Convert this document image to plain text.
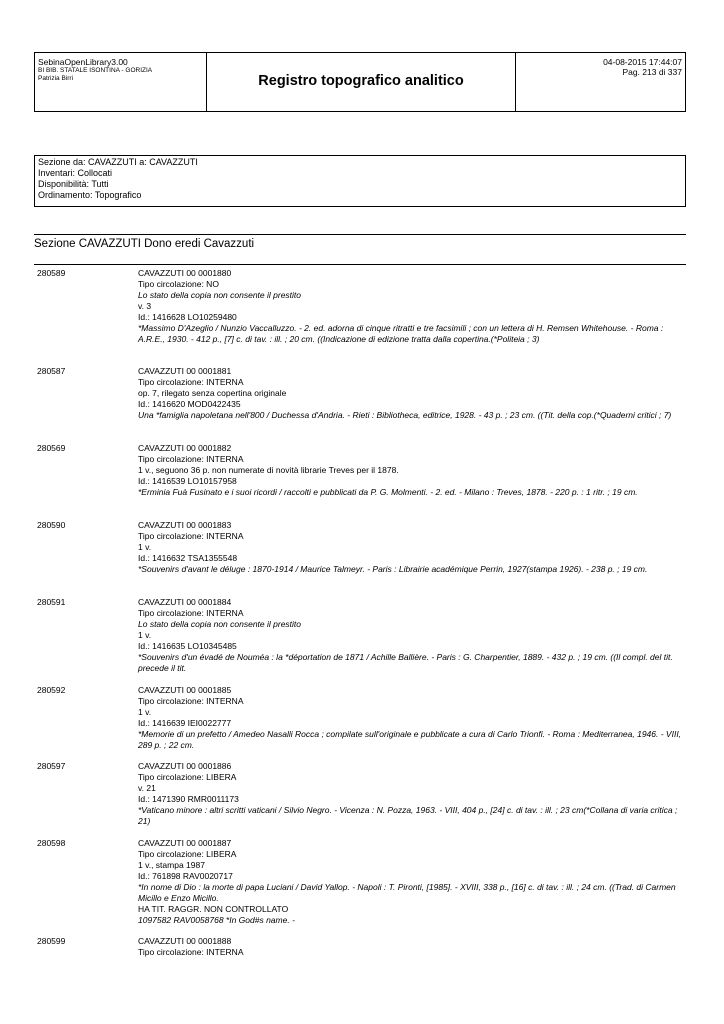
SebinaOpenLibrary3.00
BI BIB. STATALE ISONTINA - GORIZIA
Patrizia Birri	Registro topografico analitico
04-08-2015 17:44:07
Pag. 213 di 337
Sezione da: CAVAZZUTI a: CAVAZZUTI
Inventari: Collocati
Disponibilità: Tutti
Ordinamento: Topografico
Sezione CAVAZZUTI Dono eredi Cavazzuti
280589	CAVAZZUTI 00 0001880
Tipo circolazione: NO
Lo stato della copia non consente il prestito
v. 3
Id.: 1416628 LO10259480
*Massimo D'Azeglio / Nunzio Vaccalluzzo. - 2. ed. adorna di cinque ritratti e tre facsimili ; con un lettera di H. Remsen Whitehouse. - Roma : A.R.E., 1930. - 412 p., [7] c. di tav. : ill. ; 20 cm. ((Indicazione di edizione tratta dalla copertina.(*Politeia ; 3)
280587	CAVAZZUTI 00 0001881
Tipo circolazione: INTERNA
op. 7, rilegato senza copertina originale
Id.: 1416620 MOD0422435
Una *famiglia napoletana nell'800 / Duchessa d'Andria. - Rieti : Bibliotheca, editrice, 1928. - 43 p. ; 23 cm. ((Tit. della cop.(*Quaderni critici ; 7)
280569	CAVAZZUTI 00 0001882
Tipo circolazione: INTERNA
1 v., seguono 36 p. non numerate di novità librarie Treves per il 1878.
Id.: 1416539 LO10157958
*Erminia Fuà Fusinato e i suoi ricordi / raccolti e pubblicati da P. G. Molmenti. - 2. ed. - Milano : Treves, 1878. - 220 p. : 1 ritr. ; 19 cm.
280590	CAVAZZUTI 00 0001883
Tipo circolazione: INTERNA
1 v.
Id.: 1416632 TSA1355548
*Souvenirs d'avant le déluge : 1870-1914 / Maurice Talmeyr. - Paris : Librairie académique Perrin, 1927(stampa 1926). - 238 p. ; 19 cm.
280591	CAVAZZUTI 00 0001884
Tipo circolazione: INTERNA
Lo stato della copia non consente il prestito
1 v.
Id.: 1416635 LO10345485
*Souvenirs d'un évadé de Nouméa : la *déportation de 1871 / Achille Ballière. - Paris : G. Charpentier, 1889. - 432 p. ; 19 cm. ((Il compl. del tit. precede il tit.
280592	CAVAZZUTI 00 0001885
Tipo circolazione: INTERNA
1 v.
Id.: 1416639 IEI0022777
*Memorie di un prefetto / Amedeo Nasalli Rocca ; compilate sull'originale e pubblicate a cura di Carlo Trionfi. - Roma : Mediterranea, 1946. - VIII, 289 p. ; 22 cm.
280597	CAVAZZUTI 00 0001886
Tipo circolazione: LIBERA
v. 21
Id.: 1471390 RMR0011173
*Vaticano minore : altri scritti vaticani / Silvio Negro. - Vicenza : N. Pozza, 1963. - VIII, 404 p., [24] c. di tav. : ill. ; 23 cm(*Collana di varia critica ; 21)
280598	CAVAZZUTI 00 0001887
Tipo circolazione: LIBERA
1 v., stampa 1987
Id.: 761898 RAV0020717
*In nome di Dio : la morte di papa Luciani / David Yallop. - Napoli : T. Pironti, [1985]. - XVIII, 338 p., [16] c. di tav. : ill. ; 24 cm. ((Trad. di Carmen Micillo e Enzo Micillo.
HA TIT. RAGGR. NON CONTROLLATO
1097582 RAV0058768 *In God#s name. -
280599	CAVAZZUTI 00 0001888
Tipo circolazione: INTERNA
